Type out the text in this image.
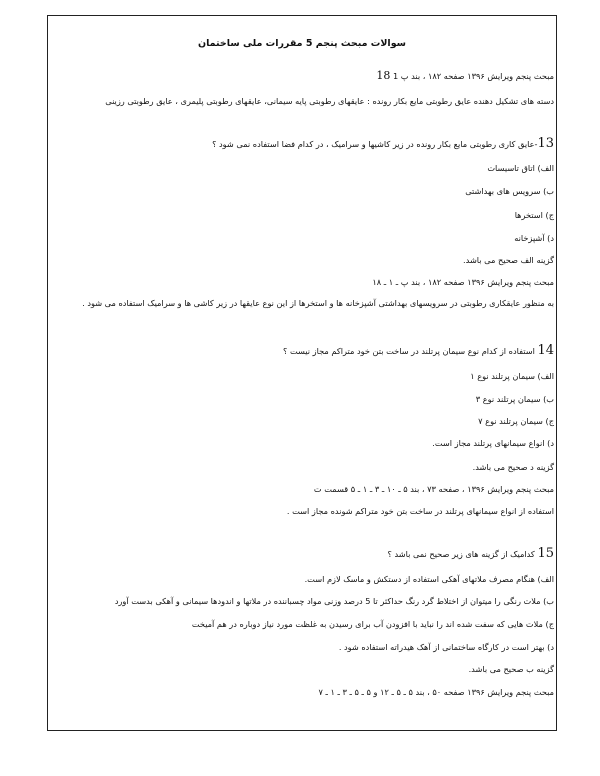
سوالات مبحث پنجم 5 مقررات ملی ساختمان
مبحث پنجم ویرایش ۱۳۹۶ صفحه ۱۸۲ ، بند پ 1 18
دسته های تشکیل دهنده عایق رطوبتی مایع بکار رونده : عایقهای رطوبتی پایه سیمانی، عایقهای رطوبتی پلیمری ، عایق رطوبتی رزینی
13-عایق کاری رطوبتی مایع بکار رونده در زیر کاشیها و سرامیک ، در کدام فضا استفاده نمی شود ؟
الف) اتاق تاسیسات
ب) سرویس های بهداشتی
ج) استخرها
د) آشپزخانه
گزینه الف صحیح می باشد.
مبحث پنجم ویرایش ۱۳۹۶ صفحه ۱۸۲ ، بند پ ـ ۱ ـ ۱۸
به منظور عایقکاری رطوبتی در سرویسهای بهداشتی آشپزخانه ها و استخرها از این نوع عایقها در زیر کاشی ها و سرامیک استفاده می شود .
14 استفاده از کدام نوع سیمان پرتلند در ساخت بتن خود متراکم مجاز نیست ؟
الف) سیمان پرتلند نوع ۱
ب) سیمان پرتلند نوع ۳
ج) سیمان پرتلند نوع ۷
د) انواع سیمانهای پرتلند مجاز است.
گزینه د صحیح می باشد.
مبحث پنجم ویرایش ۱۳۹۶ ، صفحه ۷۳ ، بند ۵ ـ ۱۰ ـ ۳ ـ ۱ ـ ۵ قسمت ت
استفاده از انواع سیمانهای پرتلند در ساخت بتن خود متراکم شونده مجاز است .
15 کدامیک از گزینه های زیر صحیح نمی باشد ؟
الف) هنگام مصرف ملاتهای آهکی استفاده از دستکش و ماسک لازم است.
ب) ملات رنگی را میتوان از اختلاط گرد رنگ حداکثر تا 5 درصد وزنی مواد چسباننده در ملاتها و اندودها سیمانی و آهکی بدست آورد
ج) ملات هایی که سفت شده اند را نباید با افزودن آب برای رسیدن به غلظت مورد نیاز دوباره در هم آمیخت
د) بهتر است در کارگاه ساختمانی از آهک هیدراته استفاده شود .
گزینه ب صحیح می باشد.
مبحث پنجم ویرایش ۱۳۹۶ صفحه ۵۰ ، بند ۵ ـ ۵ ـ ۱۲ و ۵ ـ ۵ ـ ۳ ـ ۱ ـ ۷
